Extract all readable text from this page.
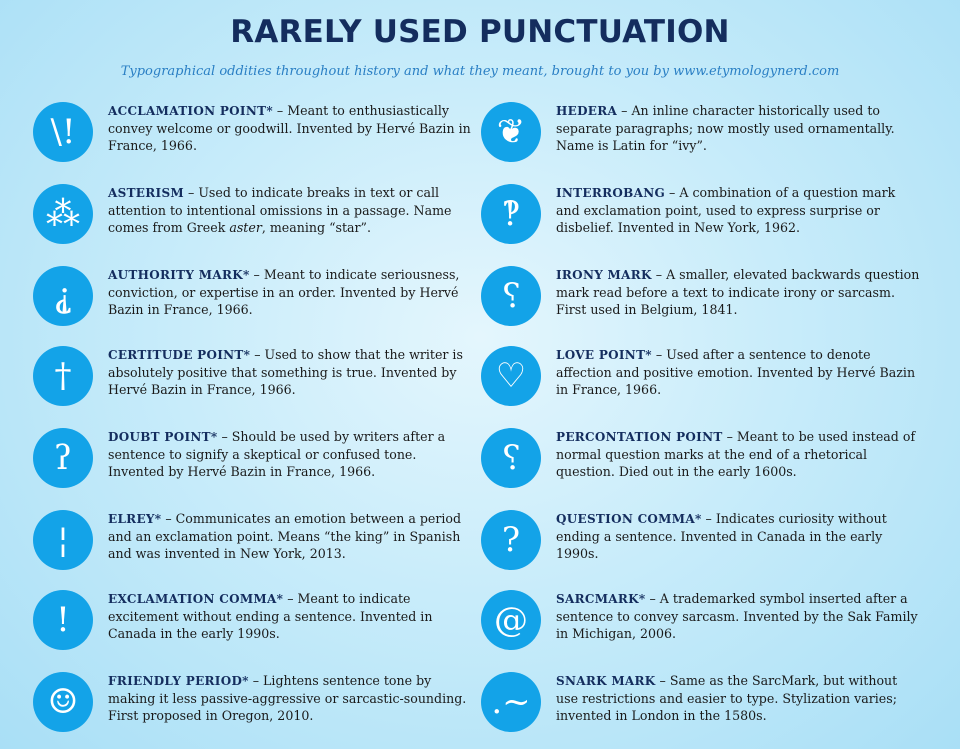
RARELY USED PUNCTUATION
Typographical oddities throughout history and what they meant, brought to you by www.etymologynerd.com
\!
ACCLAMATION POINT* – Meant to enthusiastically convey welcome or goodwill. Invented by Hervé Bazin in France, 1966.
⁂
ASTERISM – Used to indicate breaks in text or call attention to intentional omissions in a passage. Name comes from Greek aster, meaning “star”.
⸘
AUTHORITY MARK* – Meant to indicate seriousness, conviction, or expertise in an order. Invented by Hervé Bazin in France, 1966.
†
CERTITUDE POINT* – Used to show that the writer is absolutely positive that something is true. Invented by Hervé Bazin in France, 1966.
ʔ
DOUBT POINT* – Should be used by writers after a sentence to signify a skeptical or confused tone. Invented by Hervé Bazin in France, 1966.
¦
ELREY* – Communicates an emotion between a period and an exclamation point. Means “the king” in Spanish and was invented in New York, 2013.
!
EXCLAMATION COMMA* – Meant to indicate excitement without ending a sentence. Invented in Canada in the early 1990s.
☺
FRIENDLY PERIOD* – Lightens sentence tone by making it less passive-aggressive or sarcastic-sounding. First proposed in Oregon, 2010.
❦
HEDERA – An inline character historically used to separate paragraphs; now mostly used ornamentally. Name is Latin for “ivy”.
‽
INTERROBANG – A combination of a question mark and exclamation point, used to express surprise or disbelief. Invented in New York, 1962.
⸮
IRONY MARK – A smaller, elevated backwards question mark read before a text to indicate irony or sarcasm. First used in Belgium, 1841.
♡
LOVE POINT* – Used after a sentence to denote affection and positive emotion. Invented by Hervé Bazin in France, 1966.
⸮
PERCONTATION POINT – Meant to be used instead of normal question marks at the end of a rhetorical question. Died out in the early 1600s.
?
QUESTION COMMA* – Indicates curiosity without ending a sentence. Invented in Canada in the early 1990s.
@
SARCMARK* – A trademarked symbol inserted after a sentence to convey sarcasm. Invented by the Sak Family in Michigan, 2006.
.~
SNARK MARK – Same as the SarcMark, but without use restrictions and easier to type. Stylization varies; invented in London in the 1580s.
